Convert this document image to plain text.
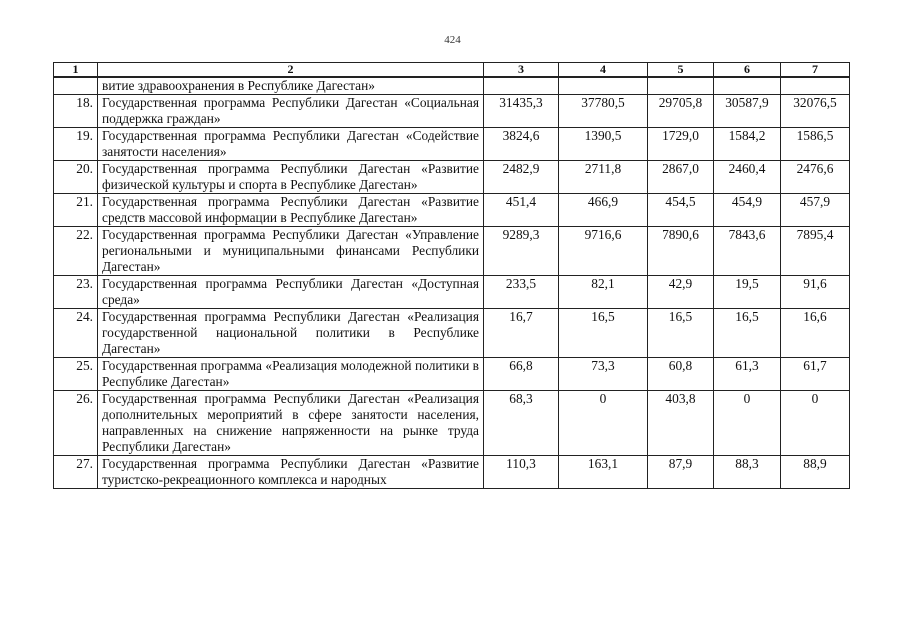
424
1	2	3	4	5	6	7
	витие здравоохранения в Республике Дагестан»					
18.	Государственная программа Республики Дагестан «Социальная поддержка граждан»	31435,3	37780,5	29705,8	30587,9	32076,5
19.	Государственная программа Республики Дагестан «Содействие занятости населения»	3824,6	1390,5	1729,0	1584,2	1586,5
20.	Государственная программа Республики Дагестан «Развитие физической культуры и спорта в Республике Дагестан»	2482,9	2711,8	2867,0	2460,4	2476,6
21.	Государственная программа Республики Дагестан «Развитие средств массовой информации в Республике Дагестан»	451,4	466,9	454,5	454,9	457,9
22.	Государственная программа Республики Дагестан «Управление региональными и муниципальными финансами Республики Дагестан»	9289,3	9716,6	7890,6	7843,6	7895,4
23.	Государственная программа Республики Дагестан «Доступная среда»	233,5	82,1	42,9	19,5	91,6
24.	Государственная программа Республики Дагестан «Реализация государственной национальной политики в Республике Дагестан»	16,7	16,5	16,5	16,5	16,6
25.	Государственная программа «Реализация молодежной политики в Республике Дагестан»	66,8	73,3	60,8	61,3	61,7
26.	Государственная программа Республики Дагестан «Реализация дополнительных мероприятий в сфере занятости населения, направленных на снижение напряженности на рынке труда Республики Дагестан»	68,3	0	403,8	0	0
27.	Государственная программа Республики Дагестан «Развитие туристско-рекреационного комплекса и народных	110,3	163,1	87,9	88,3	88,9
